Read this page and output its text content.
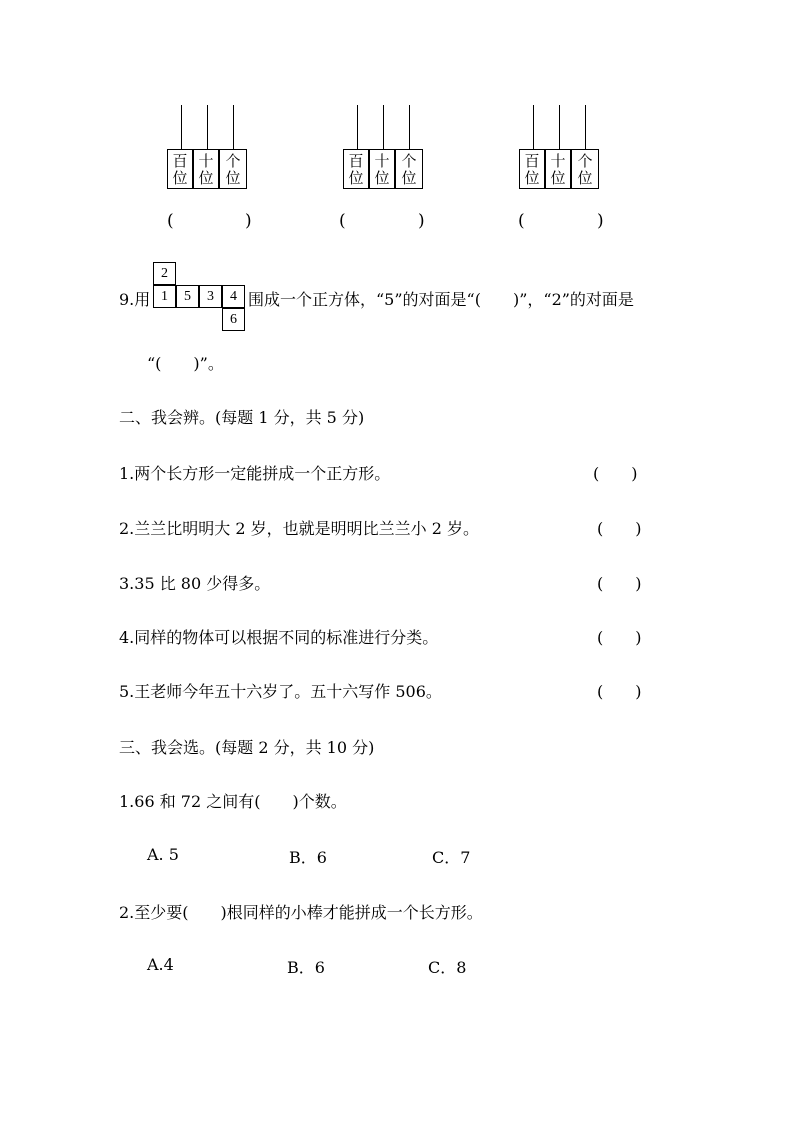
百
位
十
位
个
位
(	)
百
位
十
位
个
位
(	)
百
位
十
位
个
位
(	)
9.用
2
1	5	3	4
6
围成一个正方体，“5”的对面是“(　　)”，“2”的对面是
“(　　)”。
二、我会辨。(每题 1 分，共 5 分)
1.两个长方形一定能拼成一个正方形。	(　　)
2.兰兰比明明大 2 岁，也就是明明比兰兰小 2 岁。	(　　)
3.35 比 80 少得多。	(　　)
4.同样的物体可以根据不同的标准进行分类。	(　　)
5.王老师今年五十六岁了。五十六写作 506。	(　　)
三、我会选。(每题 2 分，共 10 分)
1.66 和 72 之间有(　　)个数。
A. 5	B．6	C．7
2.至少要(　　)根同样的小棒才能拼成一个长方形。
A.4	B．6	C．8
